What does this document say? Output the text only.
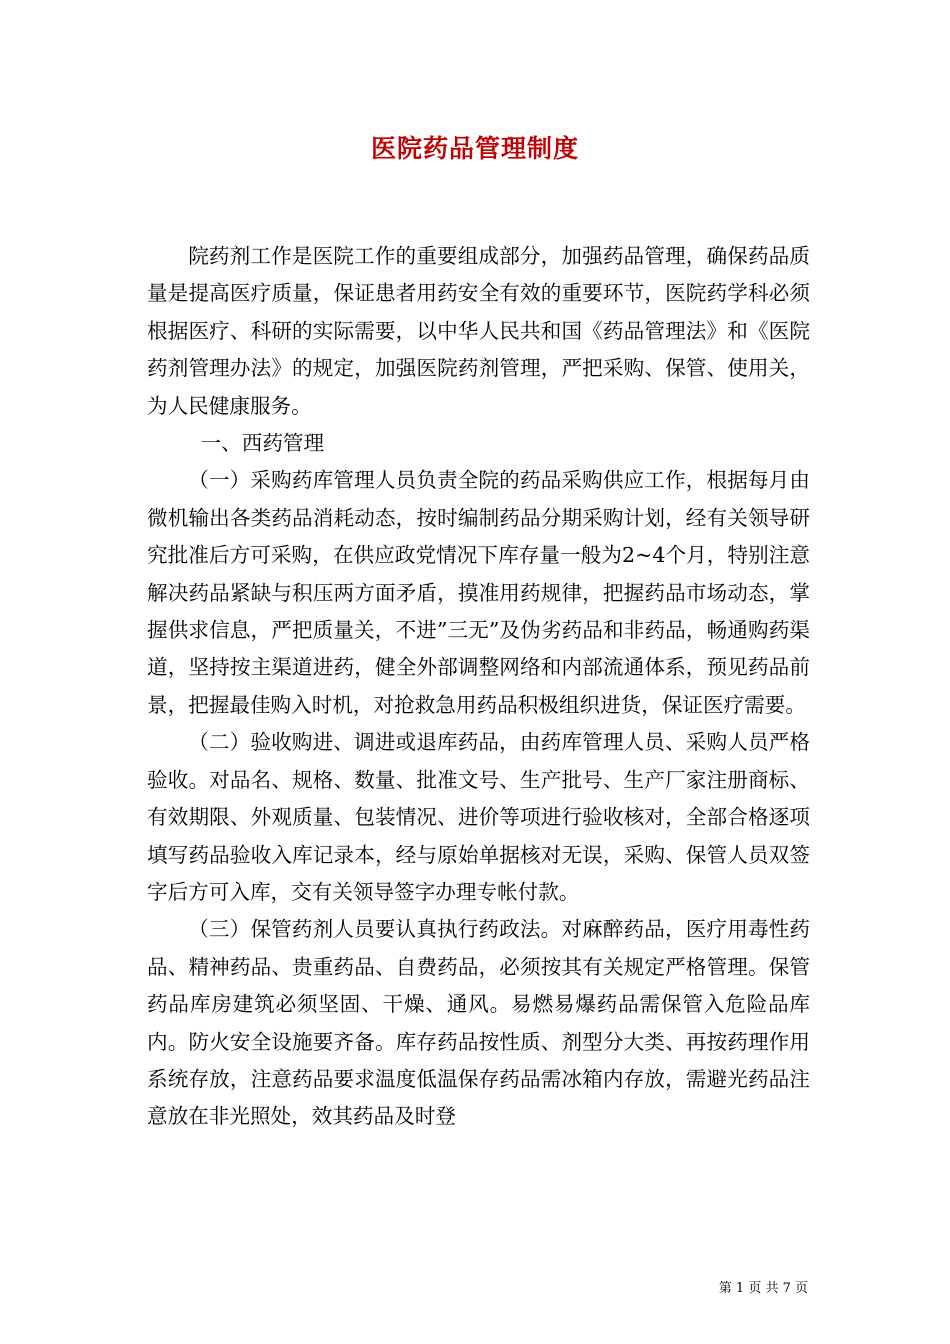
医院药品管理制度

院药剂工作是医院工作的重要组成部分，加强药品管理，确保药品质量是提高医疗质量，保证患者用药安全有效的重要环节，医院药学科必须根据医疗、科研的实际需要，以中华人民共和国《药品管理法》和《医院药剂管理办法》的规定，加强医院药剂管理，严把采购、保管、使用关，为人民健康服务。

一、西药管理

（一）采购药库管理人员负责全院的药品采购供应工作，根据每月由微机输出各类药品消耗动态，按时编制药品分期采购计划，经有关领导研究批准后方可采购，在供应政党情况下库存量一般为2~4个月，特别注意解决药品紧缺与积压两方面矛盾，摸准用药规律，把握药品市场动态，掌握供求信息，严把质量关，不进”三无”及伪劣药品和非药品，畅通购药渠道，坚持按主渠道进药，健全外部调整网络和内部流通体系，预见药品前景，把握最佳购入时机，对抢救急用药品积极组织进货，保证医疗需要。

（二）验收购进、调进或退库药品，由药库管理人员、采购人员严格验收。对品名、规格、数量、批准文号、生产批号、生产厂家注册商标、有效期限、外观质量、包装情况、进价等项进行验收核对，全部合格逐项填写药品验收入库记录本，经与原始单据核对无误，采购、保管人员双签字后方可入库，交有关领导签字办理专帐付款。

（三）保管药剂人员要认真执行药政法。对麻醉药品，医疗用毒性药品、精神药品、贵重药品、自费药品，必须按其有关规定严格管理。保管药品库房建筑必须坚固、干燥、通风。易燃易爆药品需保管入危险品库内。防火安全设施要齐备。库存药品按性质、剂型分大类、再按药理作用系统存放，注意药品要求温度低温保存药品需冰箱内存放，需避光药品注意放在非光照处，效其药品及时登

第 1 页 共 7 页
